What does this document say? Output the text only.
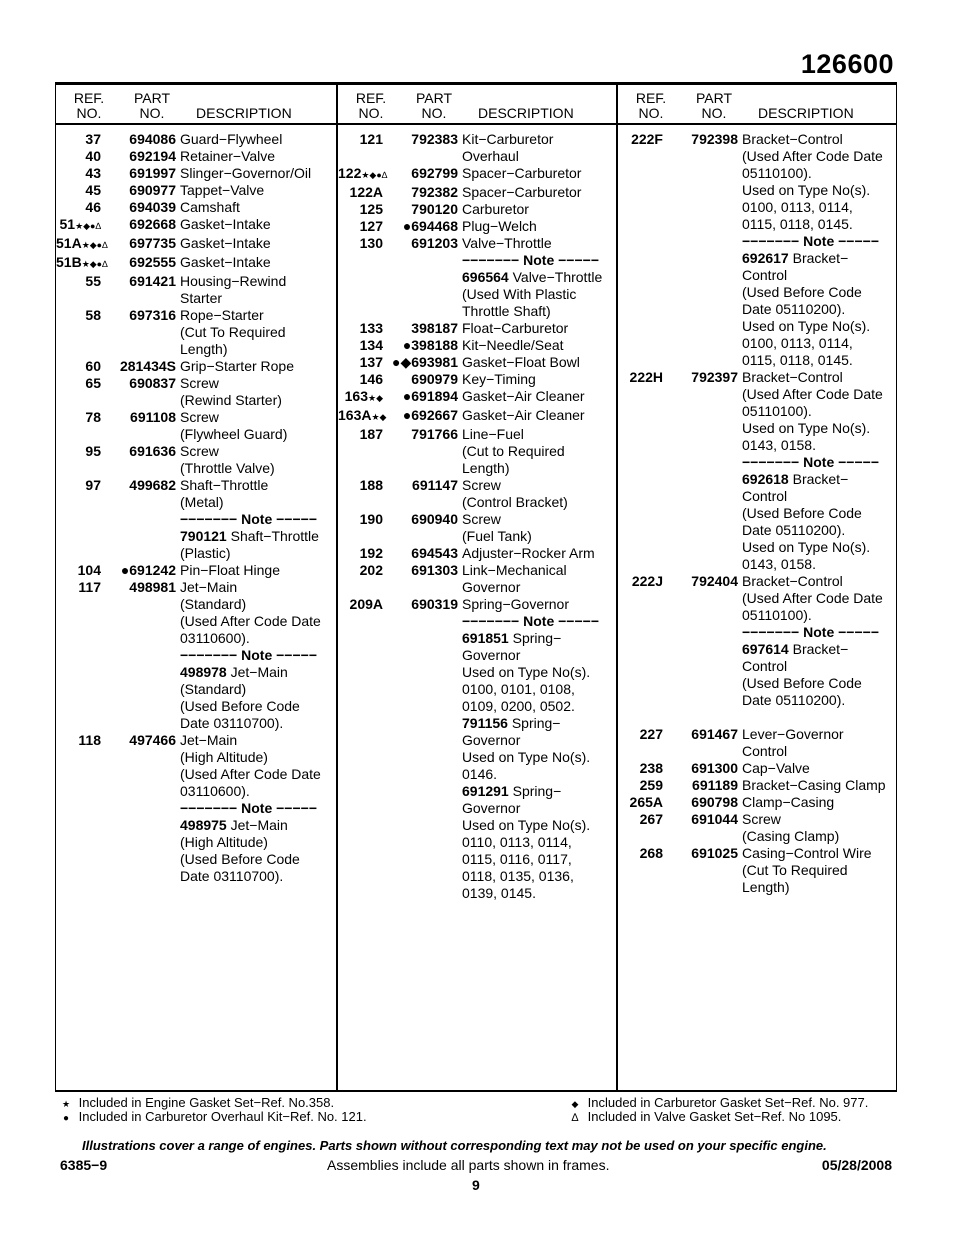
126600
REF.
NO.
PART
NO.	DESCRIPTION
37	694086 Guard−Flywheel
40	692194 Retainer−Valve
43	691997 Slinger−Governor/Oil
45	690977 Tappet−Valve
46	694039 Camshaft
51★◆●∆	692668 Gasket−Intake
51A★◆●∆	697735 Gasket−Intake
51B★◆●∆	692555 Gasket−Intake
55	691421 Housing−Rewind
Starter
58	697316 Rope−Starter
(Cut To Required
Length)
60	281434S Grip−Starter Rope
65	690837 Screw
(Rewind Starter)
78	691108 Screw
(Flywheel Guard)
95	691636 Screw
(Throttle Valve)
97	499682 Shaft−Throttle
(Metal)
−−−−−−− Note −−−−−
790121 Shaft−Throttle
(Plastic)
104	●691242 Pin−Float Hinge
117	498981 Jet−Main
(Standard)
(Used After Code Date
03110600).
−−−−−−− Note −−−−−
498978 Jet−Main
(Standard)
(Used Before Code
Date 03110700).
118	497466 Jet−Main
(High Altitude)
(Used After Code Date
03110600).
−−−−−−− Note −−−−−
498975 Jet−Main
(High Altitude)
(Used Before Code
Date 03110700).
REF.
NO.
PART
NO.	DESCRIPTION
121	792383 Kit−Carburetor
Overhaul
122★◆●∆	692799 Spacer−Carburetor
122A	792382 Spacer−Carburetor
125	790120 Carburetor
127	●694468 Plug−Welch
130	691203 Valve−Throttle
−−−−−−− Note −−−−−
696564 Valve−Throttle
(Used With Plastic
Throttle Shaft)
133	398187 Float−Carburetor
134	●398188 Kit−Needle/Seat
137 ●◆693981 Gasket−Float Bowl
146	690979 Key−Timing
163★◆	●691894 Gasket−Air Cleaner
163A★◆	●692667 Gasket−Air Cleaner
187	791766 Line−Fuel
(Cut to Required
Length)
188	691147 Screw
(Control Bracket)
190	690940 Screw
(Fuel Tank)
192	694543 Adjuster−Rocker Arm
202	691303 Link−Mechanical
Governor
209A	690319 Spring−Governor
−−−−−−− Note −−−−−
691851 Spring−
Governor
Used on Type No(s).
0100, 0101, 0108,
0109, 0200, 0502.
791156 Spring−
Governor
Used on Type No(s).
0146.
691291 Spring−
Governor
Used on Type No(s).
0110, 0113, 0114,
0115, 0116, 0117,
0118, 0135, 0136,
0139, 0145.
REF.
NO.
PART
NO.	DESCRIPTION
222F	792398 Bracket−Control
(Used After Code Date
05110100).
Used on Type No(s).
0100, 0113, 0114,
0115, 0118, 0145.
−−−−−−− Note −−−−−
692617 Bracket−
Control
(Used Before Code
Date 05110200).
Used on Type No(s).
0100, 0113, 0114,
0115, 0118, 0145.
222H	792397 Bracket−Control
(Used After Code Date
05110100).
Used on Type No(s).
0143, 0158.
−−−−−−− Note −−−−−
692618 Bracket−
Control
(Used Before Code
Date 05110200).
Used on Type No(s).
0143, 0158.
222J	792404 Bracket−Control
(Used After Code Date
05110100).
−−−−−−− Note −−−−−
697614 Bracket−
Control
(Used Before Code
Date 05110200).
227	691467 Lever−Governor
Control
238	691300 Cap−Valve
259	691189 Bracket−Casing Clamp
265A	690798 Clamp−Casing
267	691044 Screw
(Casing Clamp)
268	691025 Casing−Control Wire
(Cut To Required
Length)
★ Included in Engine Gasket Set−Ref. No.358.
● Included in Carburetor Overhaul Kit−Ref. No. 121.
◆ Included in Carburetor Gasket Set−Ref. No. 977.
∆ Included in Valve Gasket Set−Ref. No 1095.
Illustrations cover a range of engines. Parts shown without corresponding text may not be used on your specific engine.
6385−9	Assemblies include all parts shown in frames.	05/28/2008
9
